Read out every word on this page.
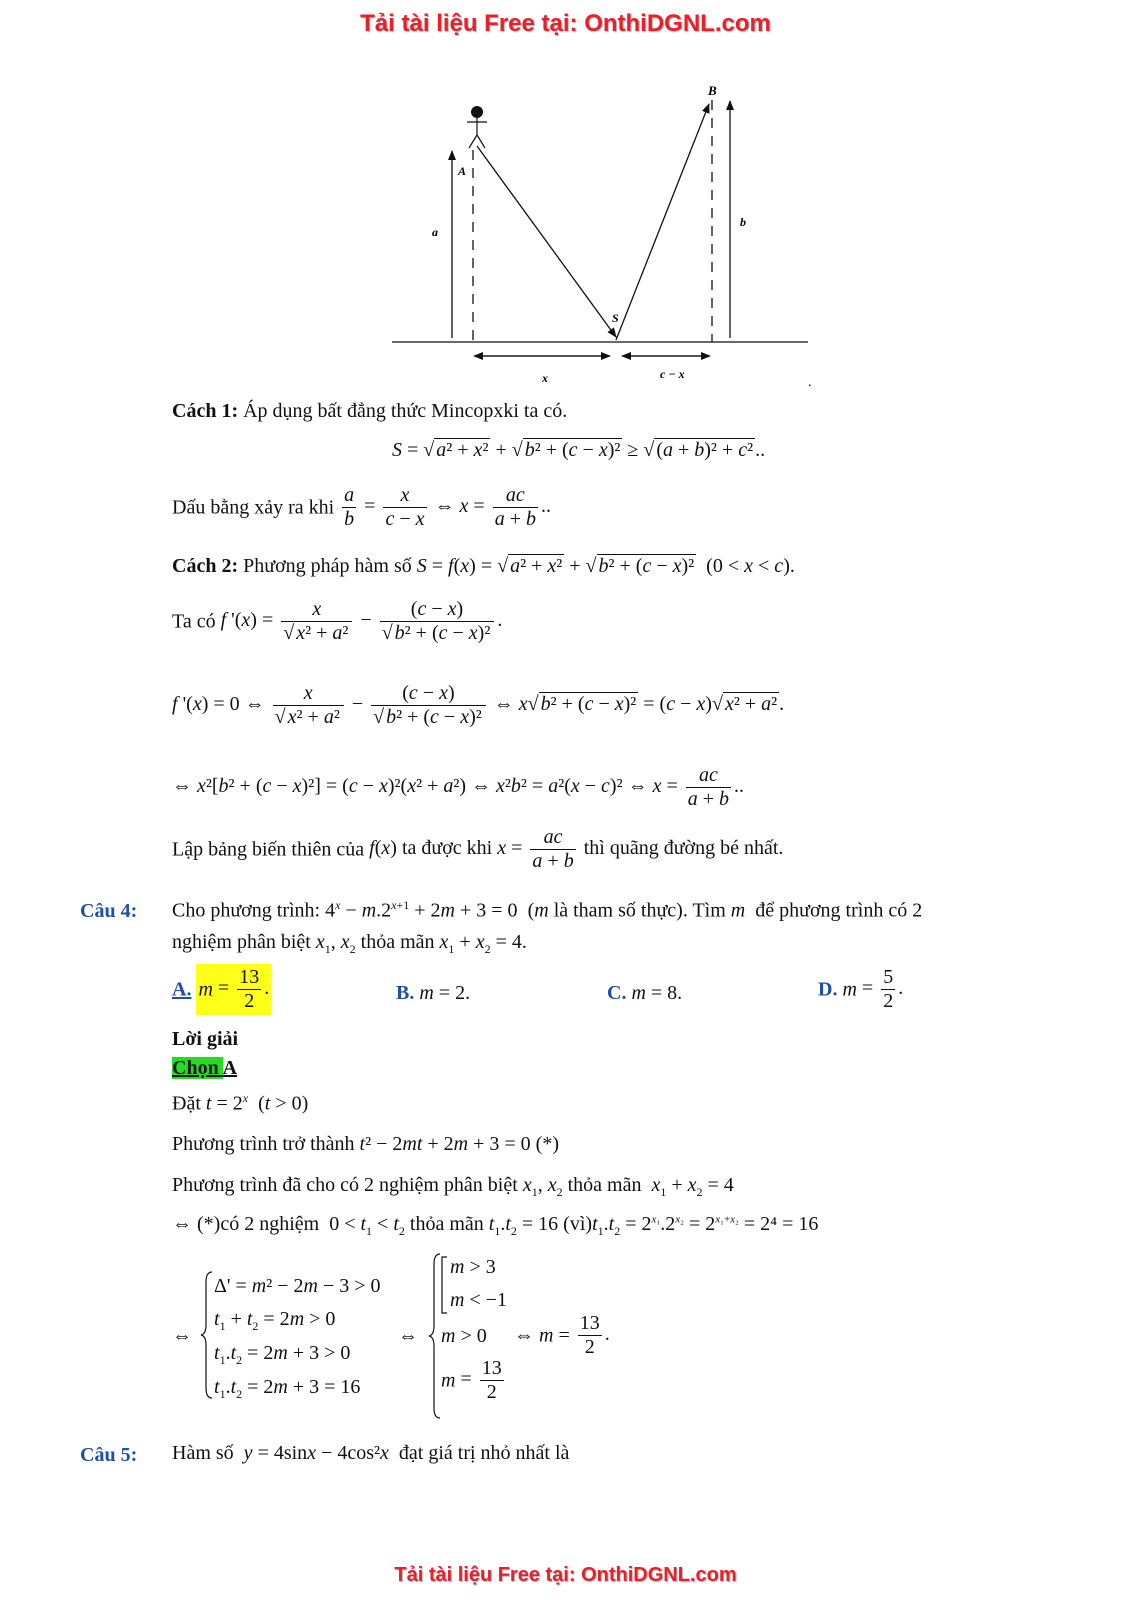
Tải tài liệu Free tại: OnthiDGNL.com
Tải tài liệu Free tại: OnthiDGNL.com
B
A
S
a
b
x	c − x
.
Cách 1: Áp dụng bất đẳng thức Mincopxki ta có.
S = √ a² + x² + √ b² + (c − x)² ≥ √ (a + b)² + c² ..
Dấu bằng xảy ra khi $\frac{a}{b} = \frac{x}{c - x}$ ⇔ $x = \frac{ac}{a + b}$ ..
Cách 2: Phương pháp hàm số S = f(x) = √ a² + x² + √ b² + (c − x)²  (0 < x < c).
Ta có f '$(x) = \frac{x}{\text{√ x² + a²}} - \frac{(c - x)}{\text{√ b² + (c − x)²}}$ .
f '(x) = 0 ⇔ $\frac{x}{\text{√ x² + a²}} - \frac{(c - x)}{\text{√ b² + (c − x)²}}$ ⇔ x√ b² + (c − x)² = (c − x)√ x² + a² .
⇔ x²[b² + (c − x)²] = (c − x)²(x² + a²) ⇔ x²b² = a²(x − c)² ⇔ $x = \frac{ac}{a + b}$ ..
Lập bảng biến thiên của f(x) ta được khi $x = \frac{ac}{a + b}$ thì quãng đường bé nhất.
Câu 4: Cho phương trình: $4^x - m.2^{x+1} + 2m + 3 = 0$  (m là tham số thực). Tìm m để phương trình có 2
nghiệm phân biệt $x_1$, $x_2$ thỏa mãn $x_1 + x_2 = 4$.
A. $m = \frac{13}{2}$ .	B. m = 2.	C. m = 8.	D. $m = \frac{5}{2}$ .
Lời giải
Chọn A
Đặt $t = 2^x$  (t > 0)
Phương trình trở thành t² − 2mt + 2m + 3 = 0 (*)
Phương trình đã cho có 2 nghiệm phân biệt $x_1$, $x_2$ thỏa mãn $x_1 + x_2 = 4$
⇔ (*)có 2 nghiệm  $0 < t_1 < t_2$ thỏa mãn $t_1.t_2 = 16$ $(vì)t_1.t_2 = 2^{x_1}.2^{x_2} = 2^{x_1+x_2} = 2^4 = 16$
⇔
Δ' = m² − 2m − 3 > 0
$t_1 + t_2 = 2m > 0$
$t_1.t_2 = 2m + 3 > 0$
$t_1.t_2 = 2m + 3 = 16$
⇔
m > 3
m < −1
m > 0
$m = \frac{13}{2}$
⇔ $m = \frac{13}{2}$ .
Câu 5: Hàm số y = 4sinx − 4cos²x đạt giá trị nhỏ nhất là
